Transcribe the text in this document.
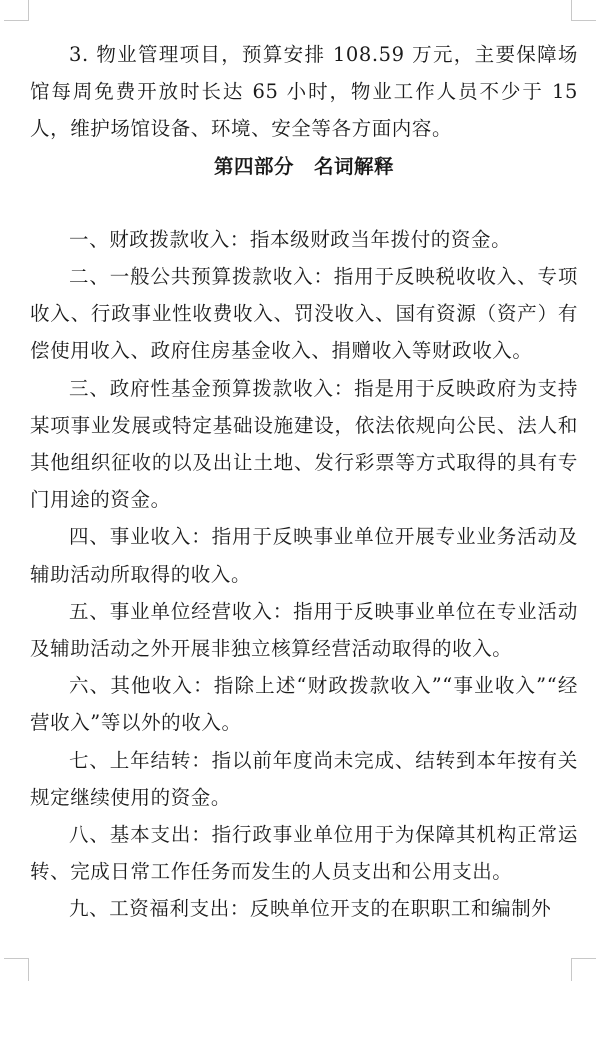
3. 物业管理项目，预算安排 108.59 万元，主要保障场馆每周免费开放时长达 65 小时，物业工作人员不少于 15 人，维护场馆设备、环境、安全等各方面内容。

第四部分　名词解释

一、财政拨款收入：指本级财政当年拨付的资金。

二、一般公共预算拨款收入：指用于反映税收收入、专项收入、行政事业性收费收入、罚没收入、国有资源（资产）有偿使用收入、政府住房基金收入、捐赠收入等财政收入。

三、政府性基金预算拨款收入：指是用于反映政府为支持某项事业发展或特定基础设施建设，依法依规向公民、法人和其他组织征收的以及出让土地、发行彩票等方式取得的具有专门用途的资金。

四、事业收入：指用于反映事业单位开展专业业务活动及辅助活动所取得的收入。

五、事业单位经营收入：指用于反映事业单位在专业活动及辅助活动之外开展非独立核算经营活动取得的收入。

六、其他收入：指除上述“财政拨款收入”“事业收入”“经营收入”等以外的收入。

七、上年结转：指以前年度尚未完成、结转到本年按有关规定继续使用的资金。

八、基本支出：指行政事业单位用于为保障其机构正常运转、完成日常工作任务而发生的人员支出和公用支出。

九、工资福利支出：反映单位开支的在职职工和编制外
